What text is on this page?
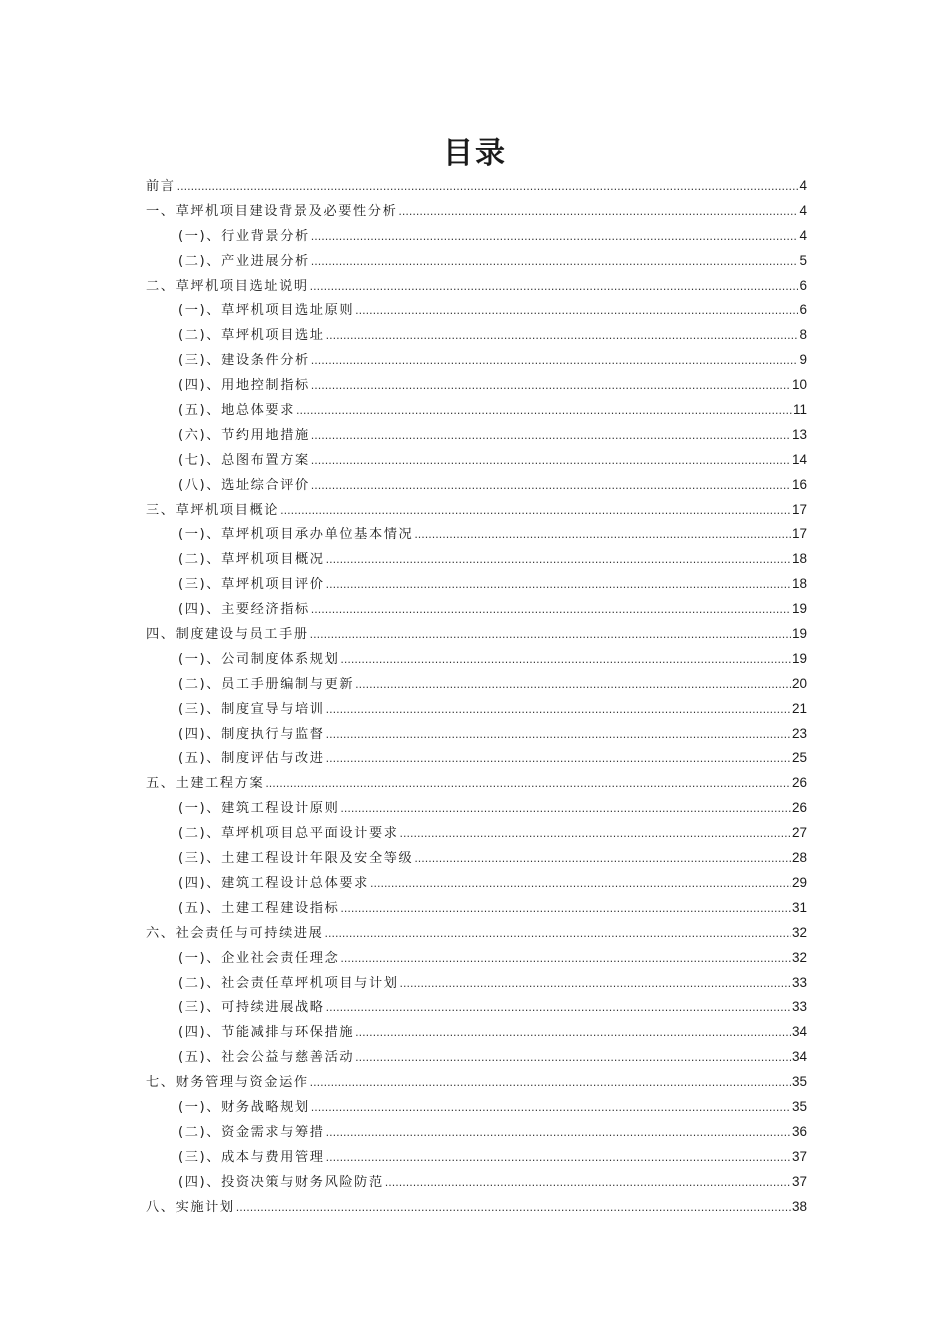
目录
前言 .....	4
一、草坪机项目建设背景及必要性分析 .....	4
(一)、行业背景分析 .....	4
(二)、产业进展分析 .....	5
二、草坪机项目选址说明 .....	6
(一)、草坪机项目选址原则 .....	6
(二)、草坪机项目选址 .....	8
(三)、建设条件分析 .....	9
(四)、用地控制指标 .....	10
(五)、地总体要求 .....	11
(六)、节约用地措施 .....	13
(七)、总图布置方案 .....	14
(八)、选址综合评价 .....	16
三、草坪机项目概论 .....	17
(一)、草坪机项目承办单位基本情况 .....	17
(二)、草坪机项目概况 .....	18
(三)、草坪机项目评价 .....	18
(四)、主要经济指标 .....	19
四、制度建设与员工手册 .....	19
(一)、公司制度体系规划 .....	19
(二)、员工手册编制与更新 .....	20
(三)、制度宣导与培训 .....	21
(四)、制度执行与监督 .....	23
(五)、制度评估与改进 .....	25
五、土建工程方案 .....	26
(一)、建筑工程设计原则 .....	26
(二)、草坪机项目总平面设计要求 .....	27
(三)、土建工程设计年限及安全等级 .....	28
(四)、建筑工程设计总体要求 .....	29
(五)、土建工程建设指标 .....	31
六、社会责任与可持续进展 .....	32
(一)、企业社会责任理念 .....	32
(二)、社会责任草坪机项目与计划 .....	33
(三)、可持续进展战略 .....	33
(四)、节能减排与环保措施 .....	34
(五)、社会公益与慈善活动 .....	34
七、财务管理与资金运作 .....	35
(一)、财务战略规划 .....	35
(二)、资金需求与筹措 .....	36
(三)、成本与费用管理 .....	37
(四)、投资决策与财务风险防范 .....	37
八、实施计划 .....	38
